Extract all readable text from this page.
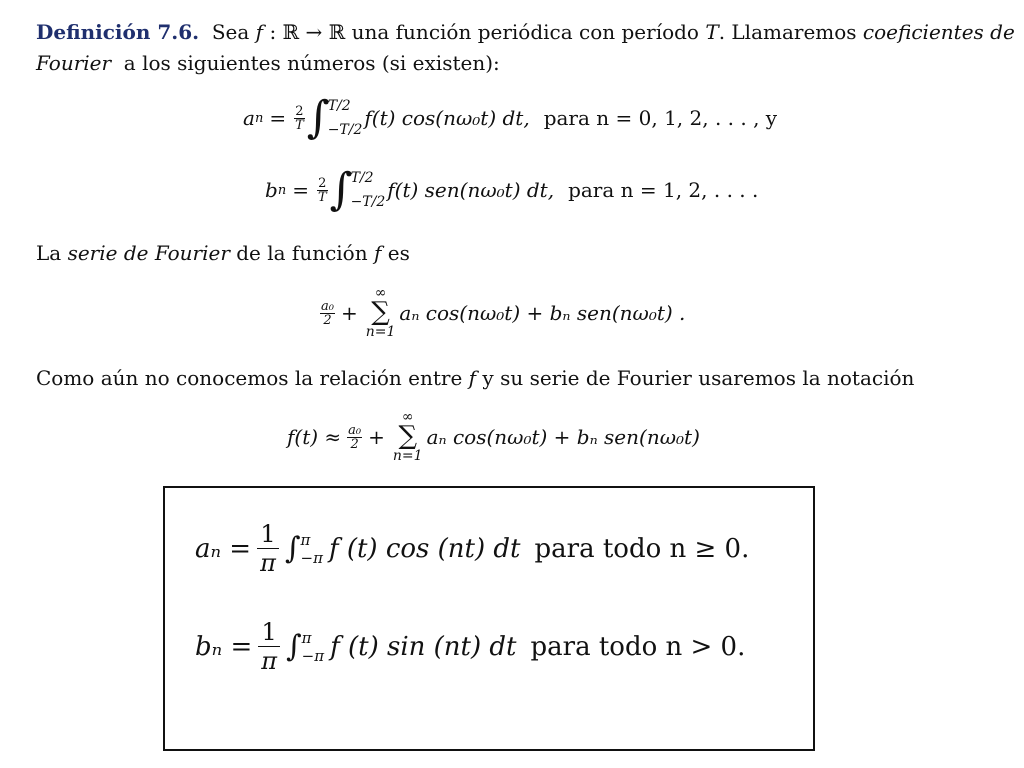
Definición 7.6. Sea f : ℝ → ℝ una función periódica con período T. Llamaremos coeficientes de
Fourier a los siguientes números (si existen):
a $n = \frac{2}{T}$ ∫
T/2
−T/2 f(t) cos(nω₀t) dt, para n = 0, 1, 2, . . . , y
b $n = \frac{2}{T}$ ∫
T/2
−T/2 f(t) sen(nω₀t) dt, para n = 1, 2, . . . .
La serie de Fourier de la función f es
$\frac{\text{a₀}}{2}$ +
∞
∑
n=1
aₙ cos(nω₀t) + bₙ sen(nω₀t) .
Como aún no conocemos la relación entre f y su serie de Fourier usaremos la notación
$f(t) \approx \frac{\text{a₀}}{2}$ +
∞
∑
n=1
aₙ cos(nω₀t) + bₙ sen(nω₀t)
$a_n = \frac{1}{\pi}$ ∫ π
−π f (t) cos (nt) dt para todo n ≥ 0.
$b_n = \frac{1}{\pi}$ ∫ π
−π f (t) sin (nt) dt para todo n > 0.
